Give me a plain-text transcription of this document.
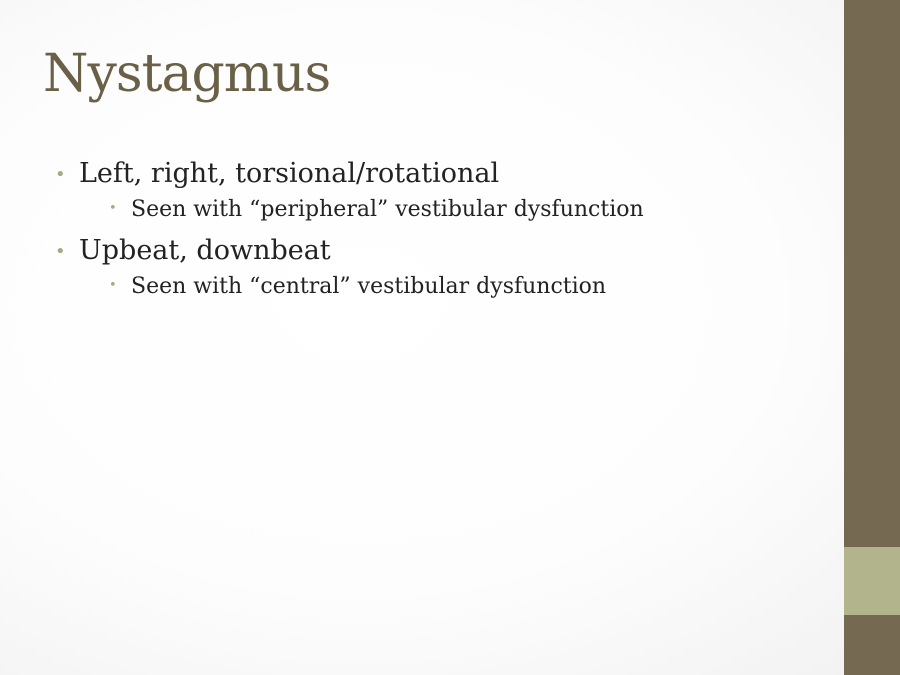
Nystagmus
• Left, right, torsional/rotational
• Seen with “peripheral” vestibular dysfunction
• Upbeat, downbeat
• Seen with “central” vestibular dysfunction
